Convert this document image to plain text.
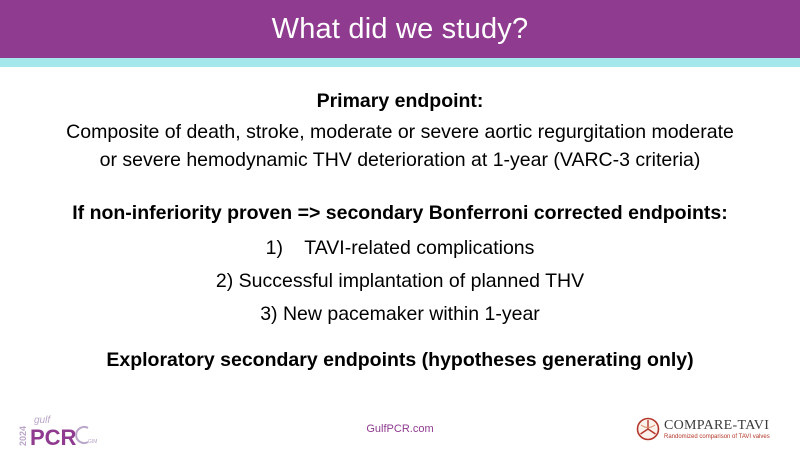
What did we study?

Primary endpoint:

Composite of death, stroke, moderate or severe aortic regurgitation moderate
or severe hemodynamic THV deterioration at 1-year (VARC-3 criteria)

If non-inferiority proven => secondary Bonferroni corrected endpoints:

1)    TAVI-related complications

2) Successful implantation of planned THV

3) New pacemaker within 1-year

Exploratory secondary endpoints (hypotheses generating only)

2024
gulf
PCR GIM
GulfPCR.com	COMPARE-TAVI
Randomized comparison of TAVI valves
